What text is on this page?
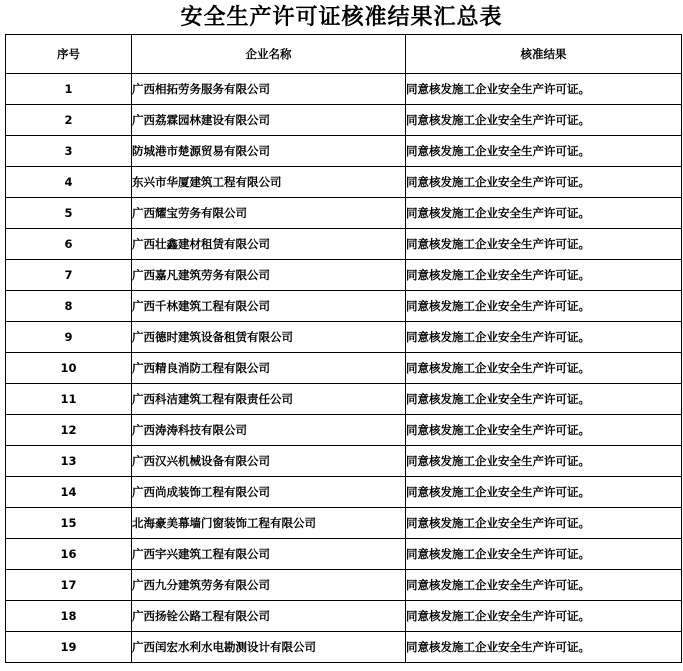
安全生产许可证核准结果汇总表
序号	企业名称	核准结果
1	广西相拓劳务服务有限公司	同意核发施工企业安全生产许可证。
2	广西荔霖园林建设有限公司	同意核发施工企业安全生产许可证。
3	防城港市楚源贸易有限公司	同意核发施工企业安全生产许可证。
4	东兴市华厦建筑工程有限公司	同意核发施工企业安全生产许可证。
5	广西耀宝劳务有限公司	同意核发施工企业安全生产许可证。
6	广西壮鑫建材租赁有限公司	同意核发施工企业安全生产许可证。
7	广西嘉凡建筑劳务有限公司	同意核发施工企业安全生产许可证。
8	广西千林建筑工程有限公司	同意核发施工企业安全生产许可证。
9	广西德时建筑设备租赁有限公司	同意核发施工企业安全生产许可证。
10	广西精良消防工程有限公司	同意核发施工企业安全生产许可证。
11	广西科洁建筑工程有限责任公司	同意核发施工企业安全生产许可证。
12	广西涛涛科技有限公司	同意核发施工企业安全生产许可证。
13	广西汉兴机械设备有限公司	同意核发施工企业安全生产许可证。
14	广西尚成装饰工程有限公司	同意核发施工企业安全生产许可证。
15	北海豪美幕墙门窗装饰工程有限公司	同意核发施工企业安全生产许可证。
16	广西宇兴建筑工程有限公司	同意核发施工企业安全生产许可证。
17	广西九分建筑劳务有限公司	同意核发施工企业安全生产许可证。
18	广西扬铨公路工程有限公司	同意核发施工企业安全生产许可证。
19	广西闰宏水利水电勘测设计有限公司	同意核发施工企业安全生产许可证。
